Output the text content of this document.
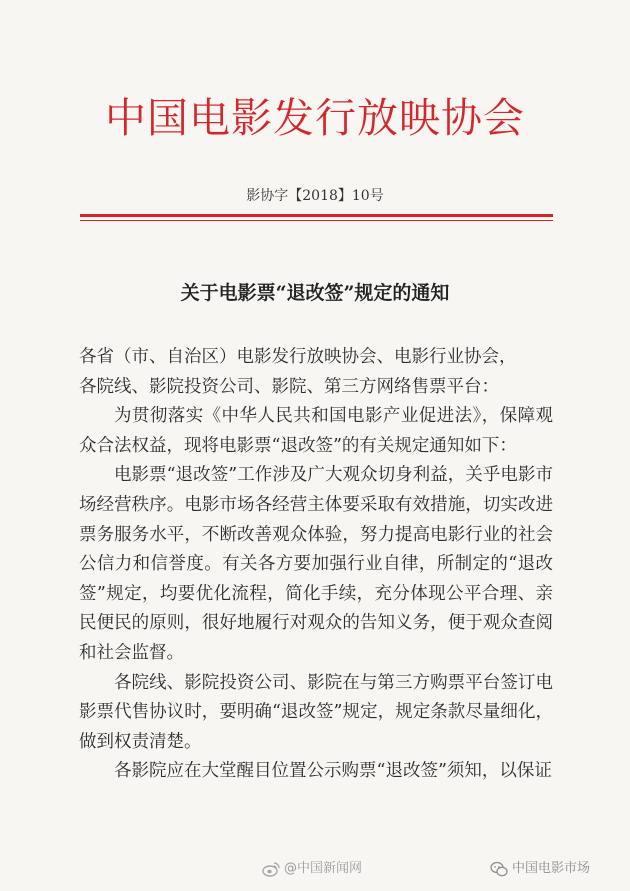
中国电影发行放映协会
影协字【2018】10号
关于电影票“退改签”规定的通知

各省（市、自治区）电影发行放映协会、电影行业协会，

各院线、影院投资公司、影院、第三方网络售票平台：

为贯彻落实《中华人民共和国电影产业促进法》，保障观众合法权益，现将电影票“退改签”的有关规定通知如下：

电影票“退改签”工作涉及广大观众切身利益，关乎电影市场经营秩序。电影市场各经营主体要采取有效措施，切实改进票务服务水平，不断改善观众体验，努力提高电影行业的社会公信力和信誉度。有关各方要加强行业自律，所制定的“退改签”规定，均要优化流程，简化手续，充分体现公平合理、亲民便民的原则，很好地履行对观众的告知义务，便于观众查阅和社会监督。

各院线、影院投资公司、影院在与第三方购票平台签订电影票代售协议时，要明确“退改签”规定，规定条款尽量细化，做到权责清楚。

各影院应在大堂醒目位置公示购票“退改签”须知，以保证

@中国新闻网	中国电影市场
